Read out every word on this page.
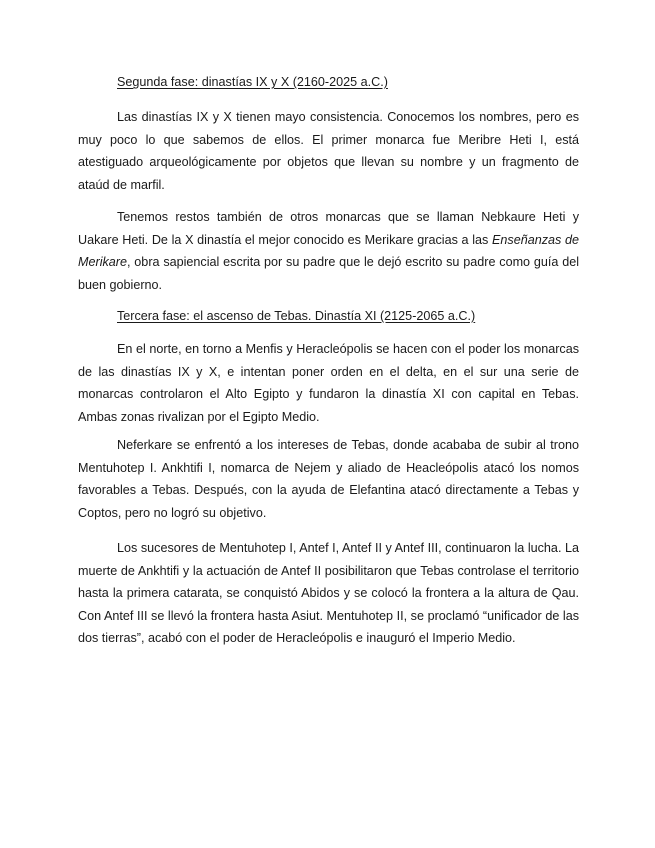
Segunda fase: dinastías IX y X (2160-2025 a.C.)

Las dinastías IX y X tienen mayo consistencia. Conocemos los nombres, pero es muy poco lo que sabemos de ellos. El primer monarca fue Meribre Heti I, está atestiguado arqueológicamente por objetos que llevan su nombre y un fragmento de ataúd de marfil.

Tenemos restos también de otros monarcas que se llaman Nebkaure Heti y Uakare Heti. De la X dinastía el mejor conocido es Merikare gracias a las Enseñanzas de Merikare, obra sapiencial escrita por su padre que le dejó escrito su padre como guía del buen gobierno.

Tercera fase: el ascenso de Tebas. Dinastía XI (2125-2065 a.C.)

En el norte, en torno a Menfis y Heracleópolis se hacen con el poder los monarcas de las dinastías IX y X, e intentan poner orden en el delta, en el sur una serie de monarcas controlaron el Alto Egipto y fundaron la dinastía XI con capital en Tebas. Ambas zonas rivalizan por el Egipto Medio.

Neferkare se enfrentó a los intereses de Tebas, donde acababa de subir al trono Mentuhotep I. Ankhtifi I, nomarca de Nejem y aliado de Heacleópolis atacó los nomos favorables a Tebas. Después, con la ayuda de Elefantina atacó directamente a Tebas y Coptos, pero no logró su objetivo.

Los sucesores de Mentuhotep I, Antef I, Antef II y Antef III, continuaron la lucha. La muerte de Ankhtifi y la actuación de Antef II posibilitaron que Tebas controlase el territorio hasta la primera catarata, se conquistó Abidos y se colocó la frontera a la altura de Qau. Con Antef III se llevó la frontera hasta Asiut. Mentuhotep II, se proclamó “unificador de las dos tierras”, acabó con el poder de Heracleópolis e inauguró el Imperio Medio.
